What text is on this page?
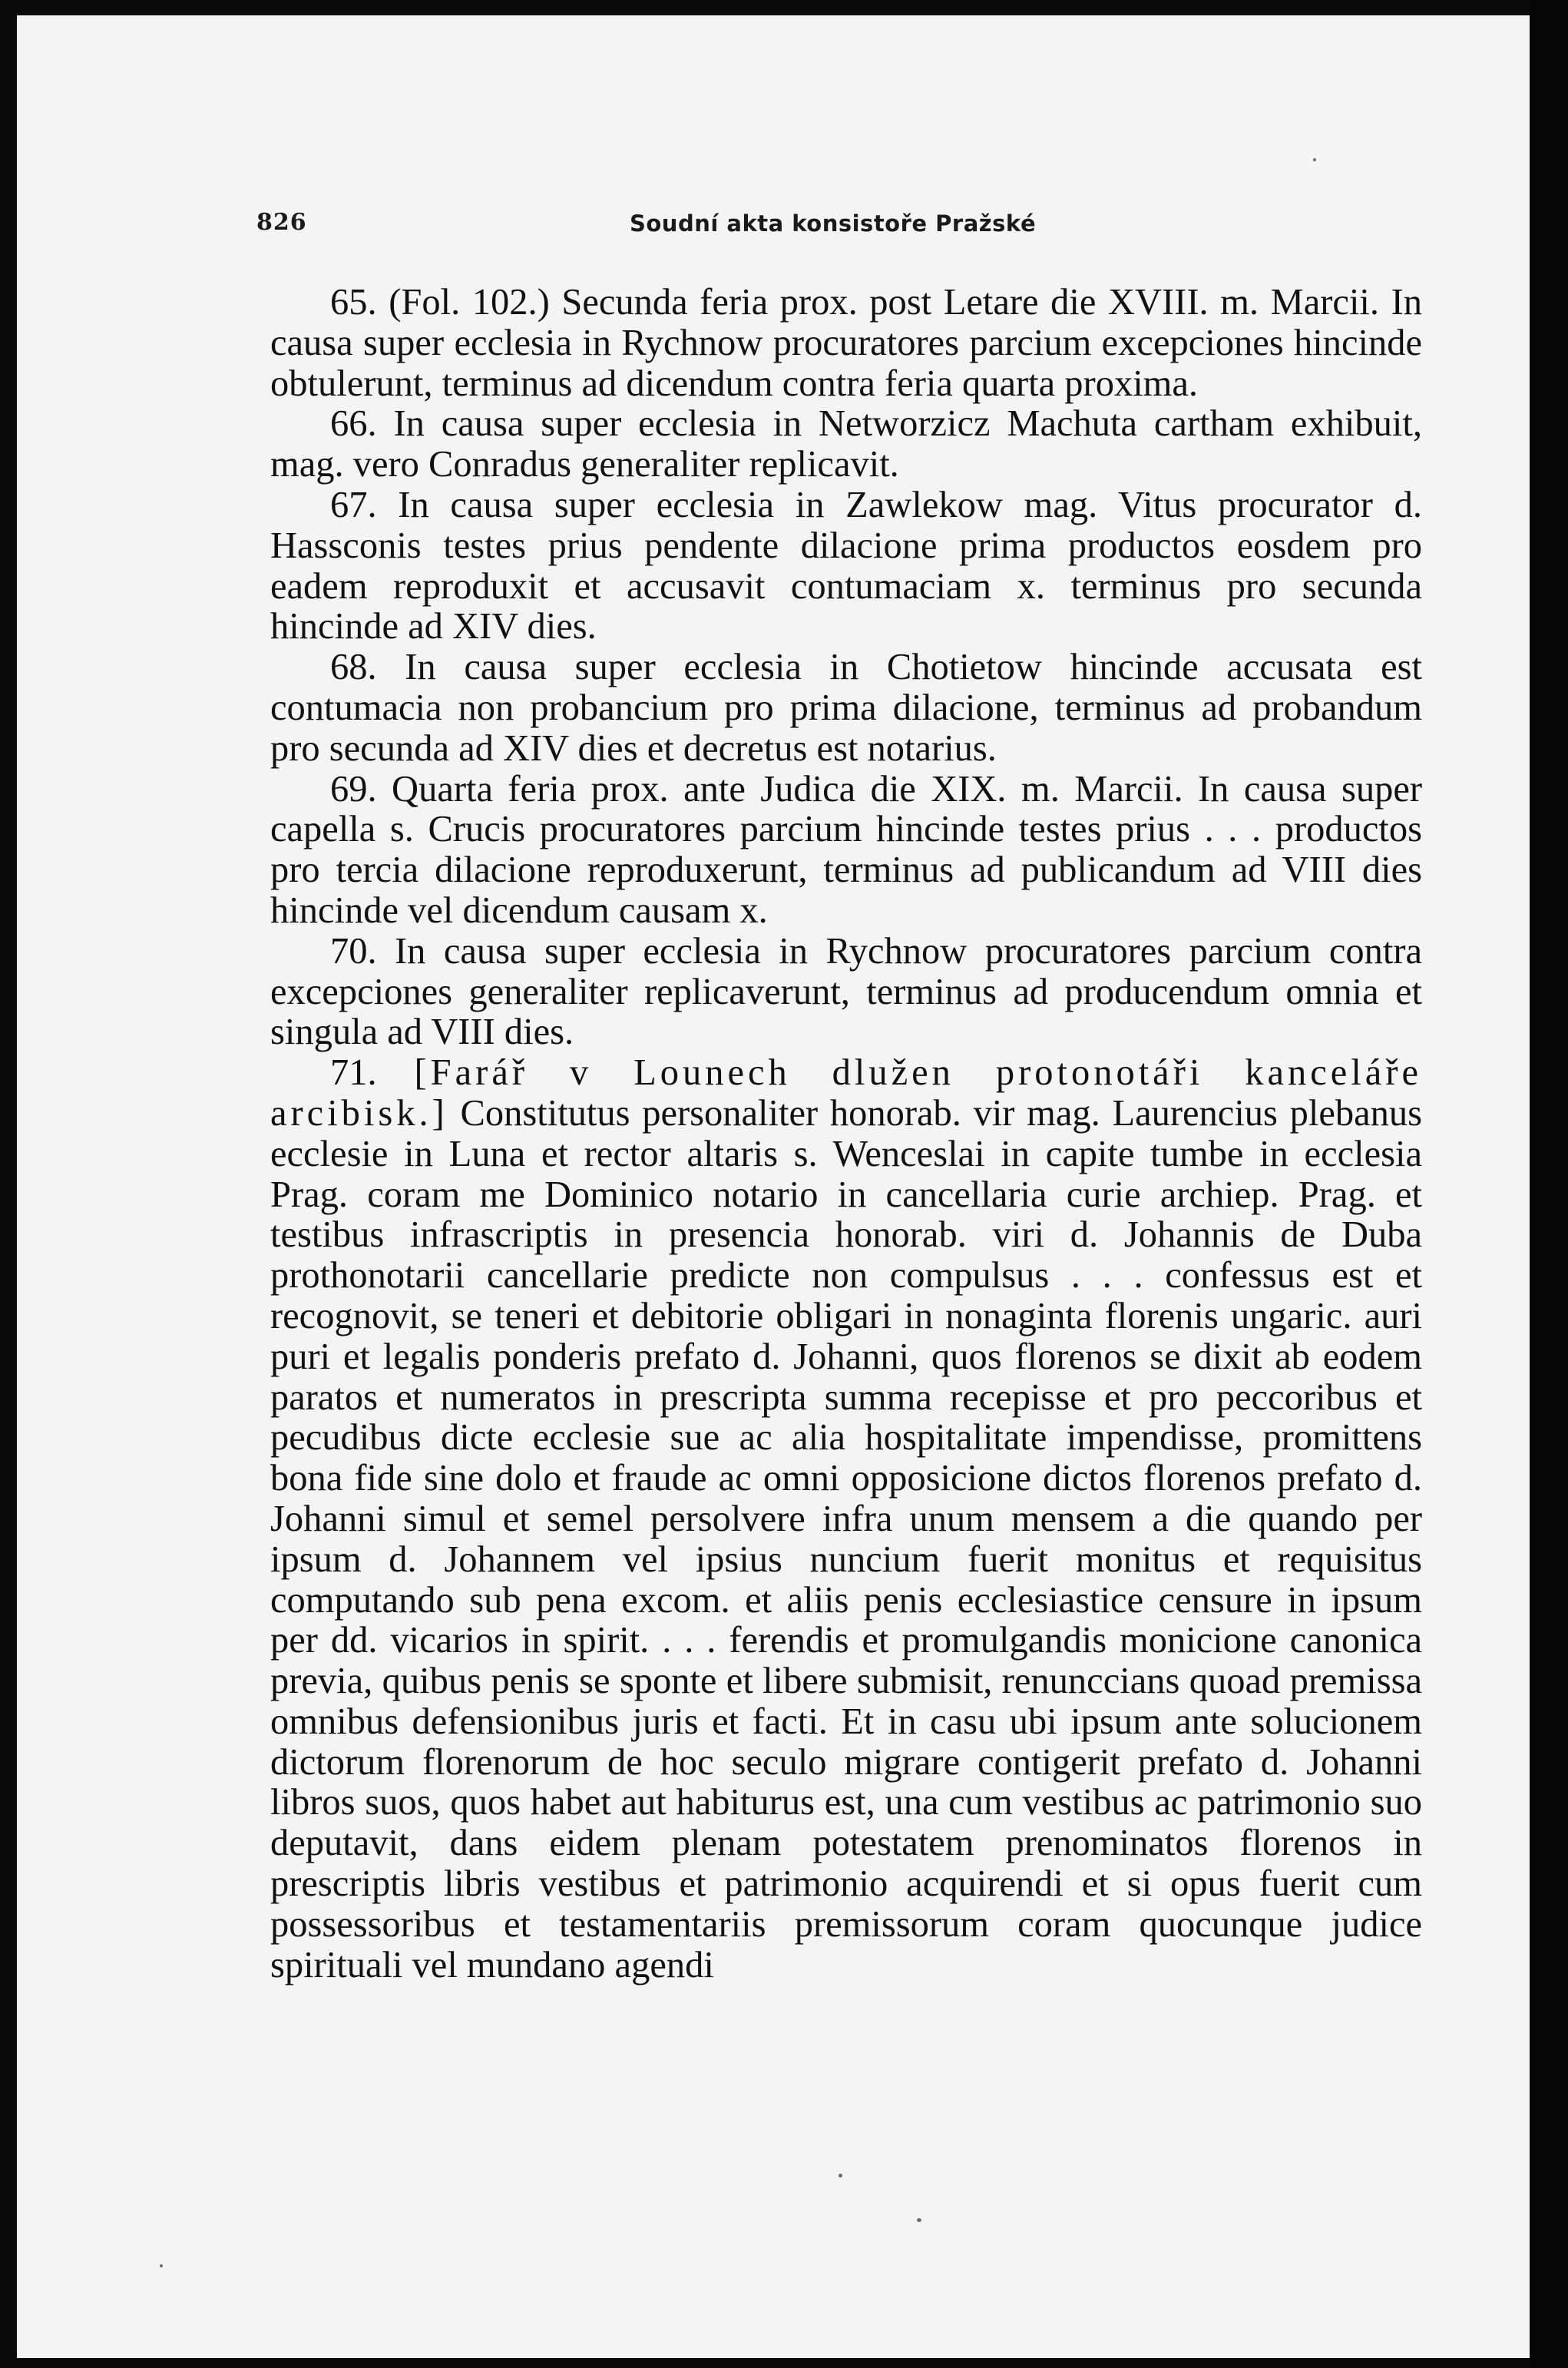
826	Soudní akta konsistoře Pražské

65. (Fol. 102.) Secunda feria prox. post Letare die XVIII. m. Marcii. In causa super ecclesia in Rychnow procuratores parcium excepciones hincinde obtulerunt, terminus ad dicendum contra feria quarta proxima.

66. In causa super ecclesia in Networzicz Machuta cartham exhibuit, mag. vero Conradus generaliter replicavit.

67. In causa super ecclesia in Zawlekow mag. Vitus procurator d. Hassconis testes prius pendente dilacione prima productos eosdem pro eadem reproduxit et accusavit contumaciam x. terminus pro secunda hincinde ad XIV dies.

68. In causa super ecclesia in Chotietow hincinde accusata est contumacia non probancium pro prima dilacione, terminus ad probandum pro secunda ad XIV dies et decretus est notarius.

69. Quarta feria prox. ante Judica die XIX. m. Marcii. In causa super capella s. Crucis procuratores parcium hincinde testes prius . . . productos pro tercia dilacione reproduxerunt, terminus ad publicandum ad VIII dies hincinde vel dicendum causam x.

70. In causa super ecclesia in Rychnow procuratores parcium contra excepciones generaliter replicaverunt, terminus ad producendum omnia et singula ad VIII dies.

71. [Farář v Lounech dlužen protonotáři kanceláře arcibisk.] Constitutus personaliter honorab. vir mag. Laurencius plebanus ecclesie in Luna et rector altaris s. Wenceslai in capite tumbe in ecclesia Prag. coram me Dominico notario in cancellaria curie archiep. Prag. et testibus infrascriptis in presencia honorab. viri d. Johannis de Duba prothonotarii cancellarie predicte non compulsus . . . confessus est et recognovit, se teneri et debitorie obligari in nonaginta florenis ungaric. auri puri et legalis ponderis prefato d. Johanni, quos florenos se dixit ab eodem paratos et numeratos in prescripta summa recepisse et pro peccoribus et pecudibus dicte ecclesie sue ac alia hospitalitate impendisse, promittens bona fide sine dolo et fraude ac omni opposicione dictos florenos prefato d. Johanni simul et semel persolvere infra unum mensem a die quando per ipsum d. Johannem vel ipsius nuncium fuerit monitus et requisitus computando sub pena excom. et aliis penis ecclesiastice censure in ipsum per dd. vicarios in spirit. . . . ferendis et promulgandis monicione canonica previa, quibus penis se sponte et libere submisit, renunccians quoad premissa omnibus defensionibus juris et facti. Et in casu ubi ipsum ante solucionem dictorum florenorum de hoc seculo migrare contigerit prefato d. Johanni libros suos, quos habet aut habiturus est, una cum vestibus ac patrimonio suo deputavit, dans eidem plenam potestatem prenominatos florenos in prescriptis libris vestibus et patrimonio acquirendi et si opus fuerit cum possessoribus et testamentariis premissorum coram quocunque judice spirituali vel mundano agendi
